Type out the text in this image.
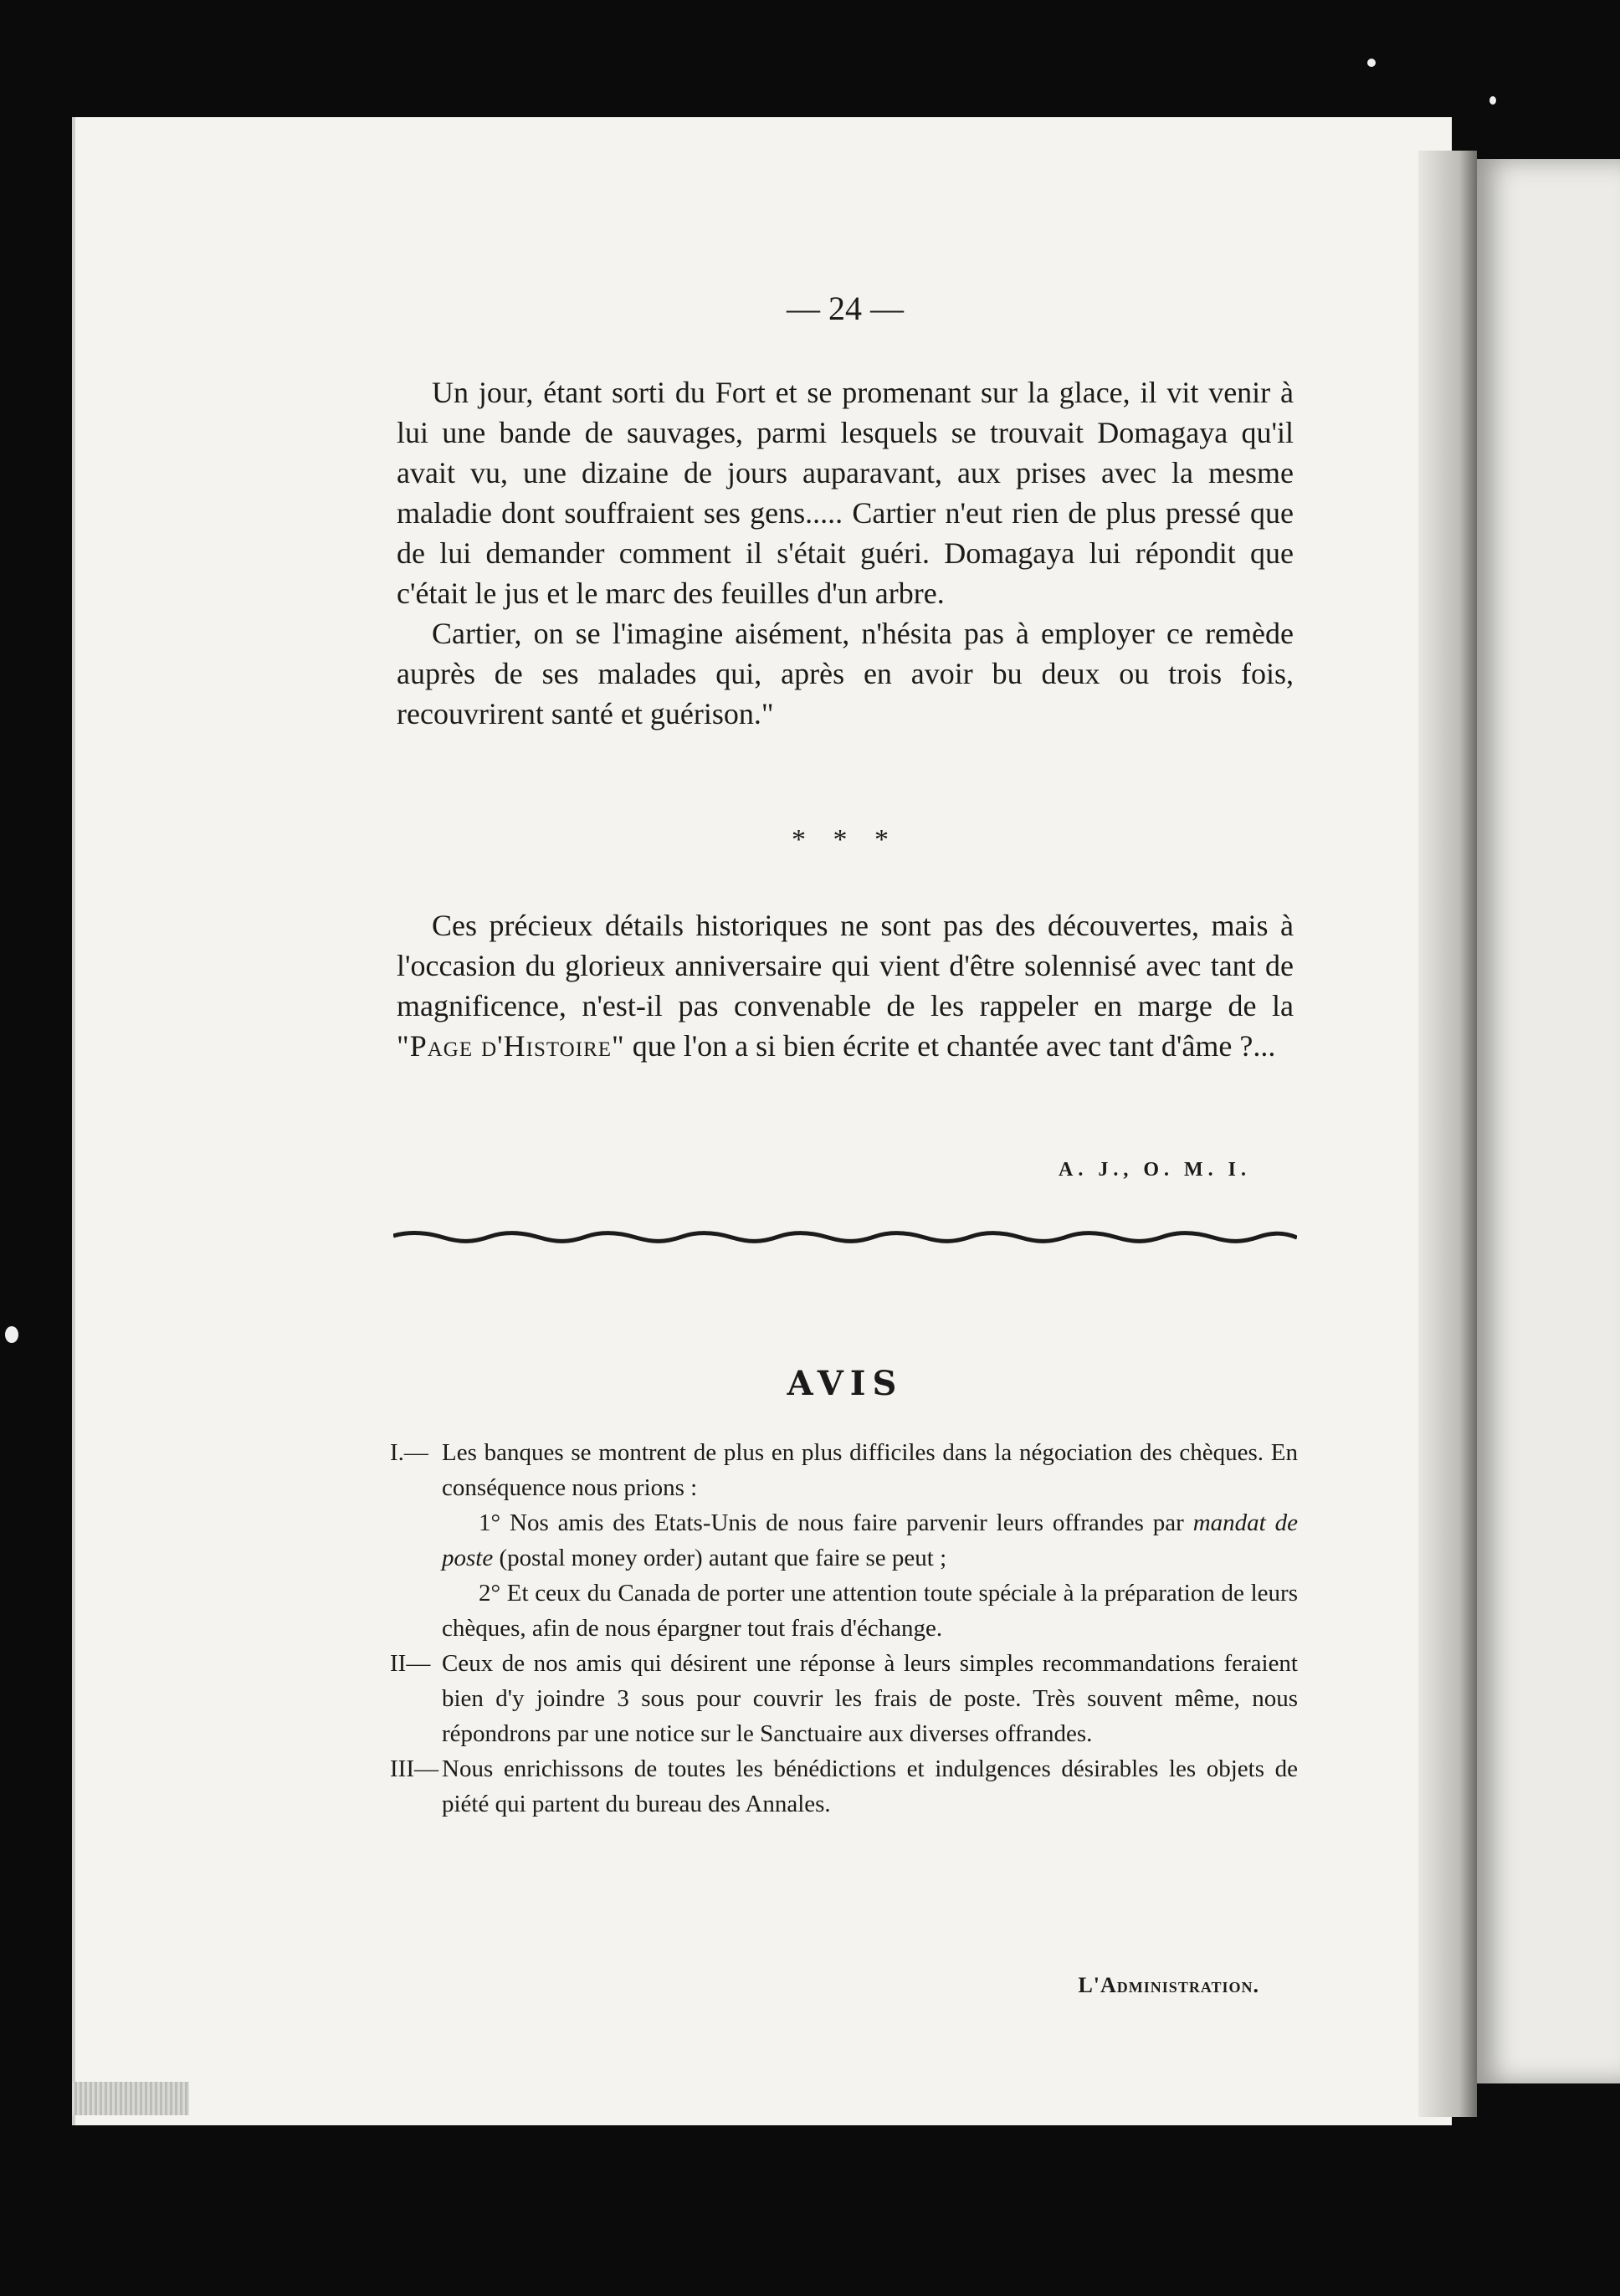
— 24 —

Un jour, étant sorti du Fort et se promenant sur la glace, il vit venir à lui une bande de sauvages, parmi lesquels se trouvait Domagaya qu'il avait vu, une dizaine de jours auparavant, aux prises avec la mesme maladie dont souffraient ses gens..... Cartier n'eut rien de plus pressé que de lui demander comment il s'était guéri. Domagaya lui répondit que c'était le jus et le marc des feuilles d'un arbre.

Cartier, on se l'imagine aisément, n'hésita pas à employer ce remède auprès de ses malades qui, après en avoir bu deux ou trois fois, recouvrirent santé et guérison."

* * *

Ces précieux détails historiques ne sont pas des découvertes, mais à l'occasion du glorieux anniversaire qui vient d'être solennisé avec tant de magnificence, n'est-il pas convenable de les rappeler en marge de la "Page d'Histoire" que l'on a si bien écrite et chantée avec tant d'âme ?...

A. J., O. M. I.
AVIS
I.— Les banques se montrent de plus en plus difficiles dans la négociation des chèques. En conséquence nous prions :
1° Nos amis des Etats-Unis de nous faire parvenir leurs offrandes par mandat de poste (postal money order) autant que faire se peut ;
2° Et ceux du Canada de porter une attention toute spéciale à la préparation de leurs chèques, afin de nous épargner tout frais d'échange.
II— Ceux de nos amis qui désirent une réponse à leurs simples recommandations feraient bien d'y joindre 3 sous pour couvrir les frais de poste. Très souvent même, nous répondrons par une notice sur le Sanctuaire aux diverses offrandes.
III— Nous enrichissons de toutes les bénédictions et indulgences désirables les objets de piété qui partent du bureau des Annales.
L'Administration.
